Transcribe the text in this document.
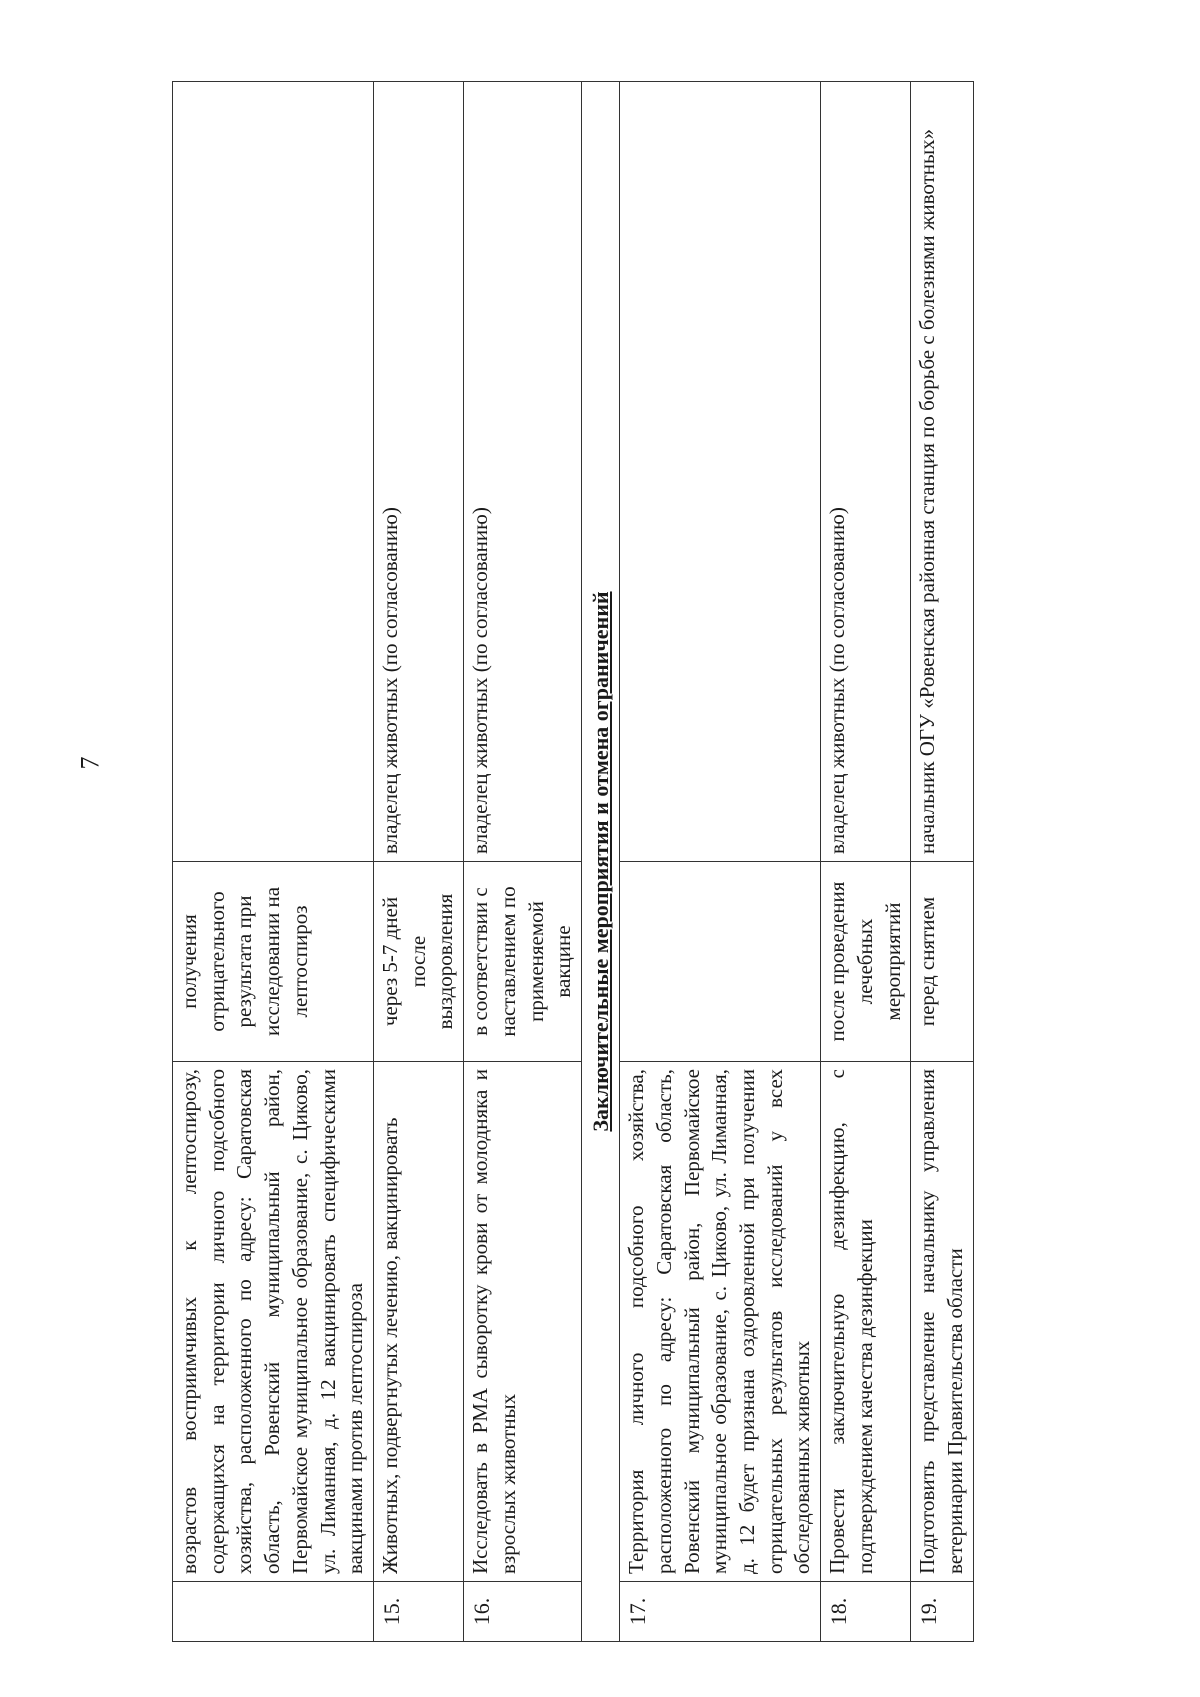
7
	возрастов восприимчивых к лептоспирозу, содержащихся на территории личного подсобного хозяйства, расположенного по адресу: Саратовская область, Ровенский муниципальный район, Первомайское муниципальное образование, с. Циково, ул. Лиманная, д. 12 вакцинировать специфическими вакцинами против лептоспироза	получения отрицательного результата при исследовании на лептоспироз	
15.	Животных, подвергнутых лечению, вакцинировать	через 5-7 дней после выздоровления	владелец животных (по согласованию)
16.	Исследовать в РМА сыворотку крови от молодняка и взрослых животных	в соответствии с наставлением по применяемой вакцине	владелец животных (по согласованию)
Заключительные мероприятия и отмена ограничений			
17.	Территория личного подсобного хозяйства, расположенного по адресу: Саратовская область, Ровенский муниципальный район, Первомайское муниципальное образование, с. Циково, ул. Лиманная, д. 12 будет признана оздоровленной при получении отрицательных результатов исследований у всех обследованных животных		
18.	Провести заключительную дезинфекцию, с подтверждением качества дезинфекции	после проведения лечебных мероприятий	владелец животных (по согласованию)
19.	Подготовить представление начальнику управления ветеринарии Правительства области	перед снятием	начальник ОГУ «Ровенская районная станция по борьбе с болезнями животных»
